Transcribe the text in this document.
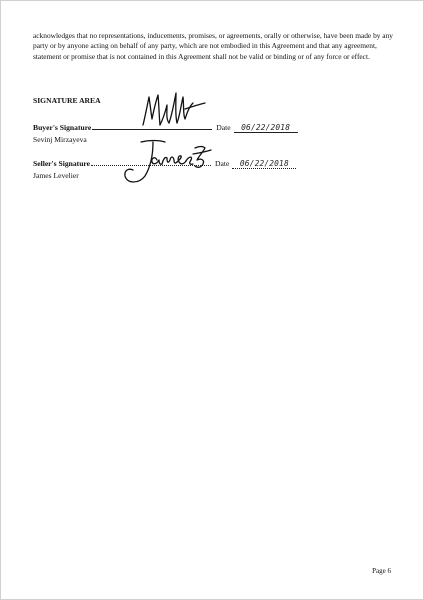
acknowledges that no representations, inducements, promises, or agreements, orally or otherwise, have been made by any party or by anyone acting on behalf of any party, which are not embodied in this Agreement and that any agreement, statement or promise that is not contained in this Agreement shall not be valid or binding or of any force or effect.

SIGNATURE AREA

Buyer's Signature	Date	06/22/2018
Sevinj Mirzayeva
Seller's Signature	Date	06/22/2018
James Levelier
Page 6
